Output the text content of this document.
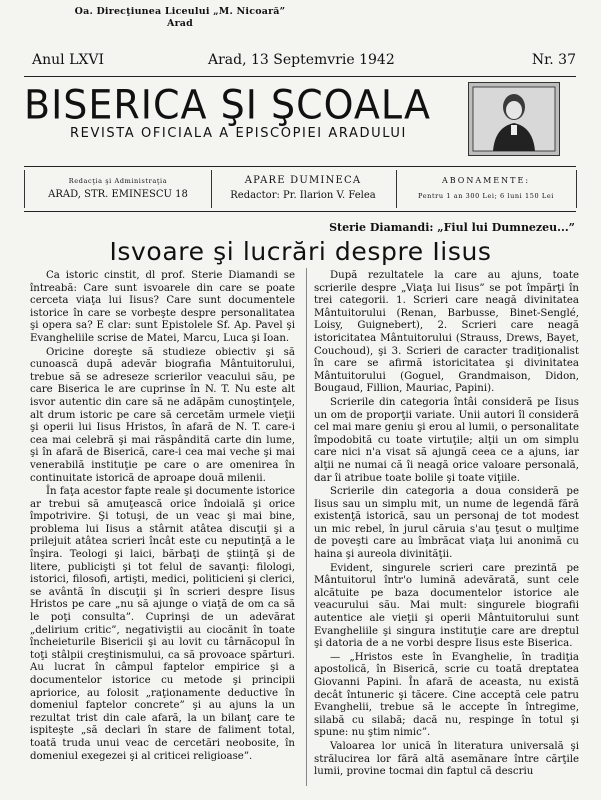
Oa. Direcţiunea Liceului „M. Nicoară”
Arad
Anul LXVI	Arad, 13 Septemvrie 1942	Nr. 37
BISERICA ŞI ŞCOALA
REVISTA OFICIALA A EPISCOPIEI ARADULUI
Redacţia şi Administraţia
ARAD, STR. EMINESCU 18
APARE DUMINECA
Redactor: Pr. Ilarion V. Felea
ABONAMENTE:
Pentru 1 an 300 Lei; 6 luni 150 Lei
Sterie Diamandi: „Fiul lui Dumnezeu...”
Isvoare şi lucrări despre Iisus

Ca istoric cinstit, dl prof. Sterie Diamandi se întreabă: Care sunt isvoarele din care se poate cerceta viaţa lui Iisus? Care sunt documentele istorice în care se vorbeşte despre personalitatea şi opera sa? E clar: sunt Epistolele Sf. Ap. Pavel şi Evangheliile scrise de Matei, Marcu, Luca şi Ioan.

Oricine doreşte să studieze obiectiv şi să cunoască după adevăr biografia Mântuitorului, trebue să se adreseze scrierilor veacului său, pe care Biserica le are cuprinse în N. T. Nu este alt isvor autentic din care să ne adăpăm cunoştinţele, alt drum istoric pe care să cercetăm urmele vieţii şi operii lui Iisus Hristos, în afară de N. T. care-i cea mai celebră şi mai răspândită carte din lume, şi în afară de Biserică, care-i cea mai veche şi mai venerabilă instituţie pe care o are omenirea în continuitate istorică de aproape două milenii.

În faţa acestor fapte reale şi documente istorice ar trebui să amuţească orice îndoială şi orice împotrivire. Şi totuşi, de un veac şi mai bine, problema lui Iisus a stârnit atâtea discuţii şi a prilejuit atâtea scrieri încât este cu neputinţă a le înşira. Teologi şi laici, bărbaţi de ştiinţă şi de litere, publicişti şi tot felul de savanţi: filologi, istorici, filosofi, artişti, medici, politicieni şi clerici, se avântă în discuţii şi în scrieri despre Iisus Hristos pe care „nu să ajunge o viaţă de om ca să le poţi consulta”. Cuprinşi de un adevărat „delirium critic”, negativiştii au ciocănit în toate încheieturile Bisericii şi au lovit cu târnăcopul în toţi stâlpii creştinismului, ca să provoace spărturi. Au lucrat în câmpul faptelor empirice şi a documentelor istorice cu metode şi principii apriorice, au folosit „raţionamente deductive în domeniul faptelor concrete” şi au ajuns la un rezultat trist din cale afară, la un bilanţ care te ispiteşte „să declari în stare de faliment total, toată truda unui veac de cercetări neobosite, în domeniul exegezei şi al criticei religioase”.

După rezultatele la care au ajuns, toate scrierile despre „Viaţa lui Iisus” se pot împărţi în trei categorii. 1. Scrieri care neagă divinitatea Mântuitorului (Renan, Barbusse, Binet-Senglé, Loisy, Guignebert), 2. Scrieri care neagă istoricitatea Mântuitorului (Strauss, Drews, Bayet, Couchoud), şi 3. Scrieri de caracter tradiţionalist în care se afirmă istoricitatea şi divinitatea Mântuitorului (Goguel, Grandmaison, Didon, Bougaud, Fillion, Mauriac, Papini).

Scrierile din categoria întâi consideră pe Iisus un om de proporţii variate. Unii autori îl consideră cel mai mare geniu şi erou al lumii, o personalitate împodobită cu toate virtuţile; alţii un om simplu care nici n'a visat să ajungă ceea ce a ajuns, iar alţii ne numai că îi neagă orice valoare personală, dar îi atribue toate bolile şi toate viţiile.

Scrierile din categoria a doua consideră pe Iisus sau un simplu mit, un nume de legendă fără existenţă istorică, sau un personaj de tot modest un mic rebel, în jurul căruia s'au ţesut o mulţime de poveşti care au îmbrăcat viaţa lui anonimă cu haina şi aureola divinităţii.

Evident, singurele scrieri care prezintă pe Mântuitorul într'o lumină adevărată, sunt cele alcătuite pe baza documentelor istorice ale veacurului său. Mai mult: singurele biografii autentice ale vieţii şi operii Mântuitorului sunt Evangheliile şi singura instituţie care are dreptul şi datoria de a ne vorbi despre Iisus este Biserica.

— „Hristos este în Evanghelie, în tradiţia apostolică, în Biserică, scrie cu toată dreptatea Giovanni Papini. În afară de aceasta, nu există decât întuneric şi tăcere. Cine acceptă cele patru Evanghelii, trebue să le accepte în întregime, silabă cu silabă; dacă nu, respinge în totul şi spune: nu ştim nimic”.

Valoarea lor unică în literatura universală şi strălucirea lor fără altă asemănare între cărţile lumii, provine tocmai din faptul că descriu
